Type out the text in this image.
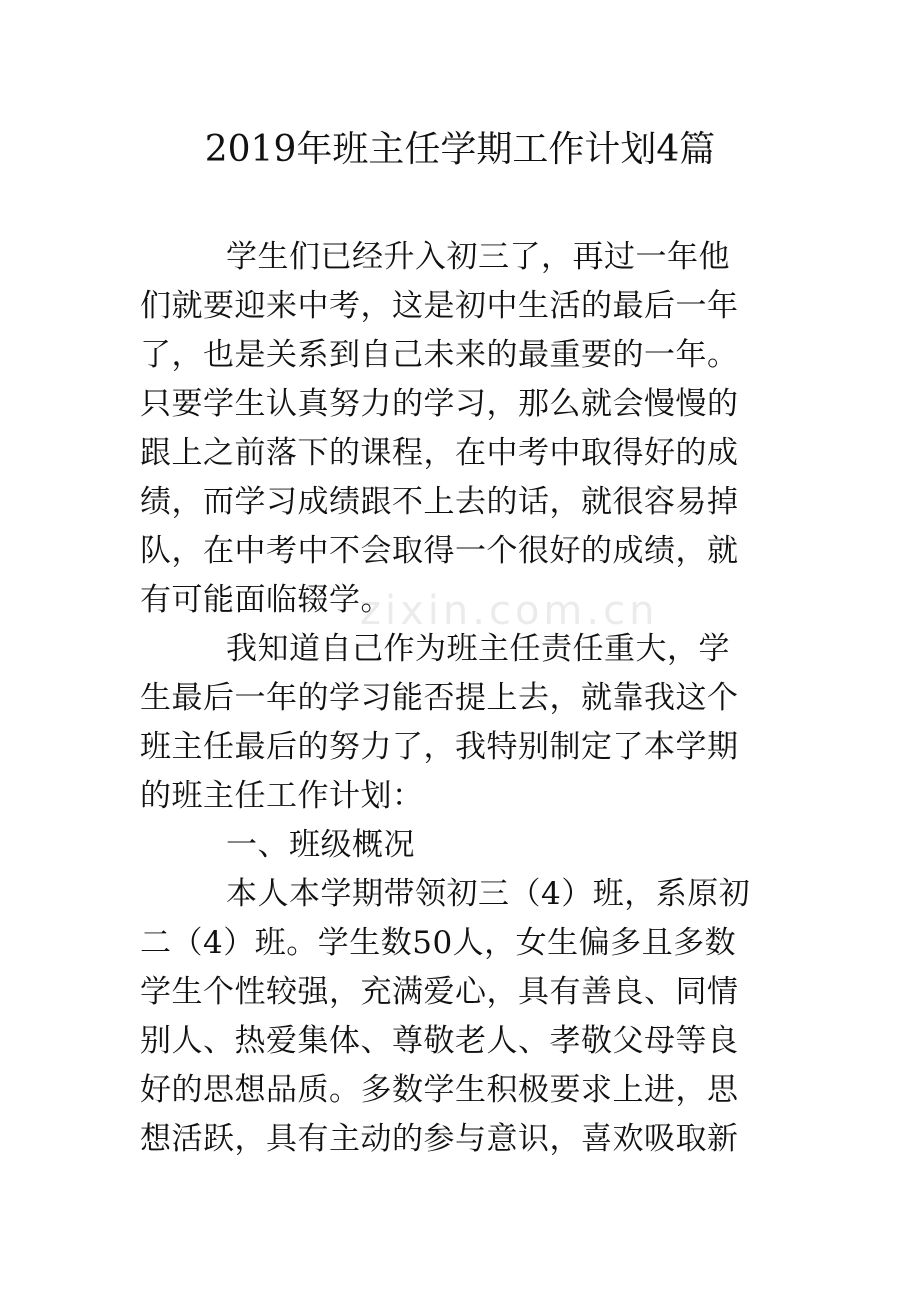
zixin.com.cn
2019年班主任学期工作计划4篇
学生们已经升入初三了，再过一年他
们就要迎来中考，这是初中生活的最后一年
了，也是关系到自己未来的最重要的一年。
只要学生认真努力的学习，那么就会慢慢的
跟上之前落下的课程，在中考中取得好的成
绩，而学习成绩跟不上去的话，就很容易掉
队，在中考中不会取得一个很好的成绩，就
有可能面临辍学。
我知道自己作为班主任责任重大，学
生最后一年的学习能否提上去，就靠我这个
班主任最后的努力了，我特别制定了本学期
的班主任工作计划：
一、班级概况
本人本学期带领初三（4）班，系原初
二（4）班。学生数50人，女生偏多且多数
学生个性较强，充满爱心，具有善良、同情
别人、热爱集体、尊敬老人、孝敬父母等良
好的思想品质。多数学生积极要求上进，思
想活跃，具有主动的参与意识，喜欢吸取新
